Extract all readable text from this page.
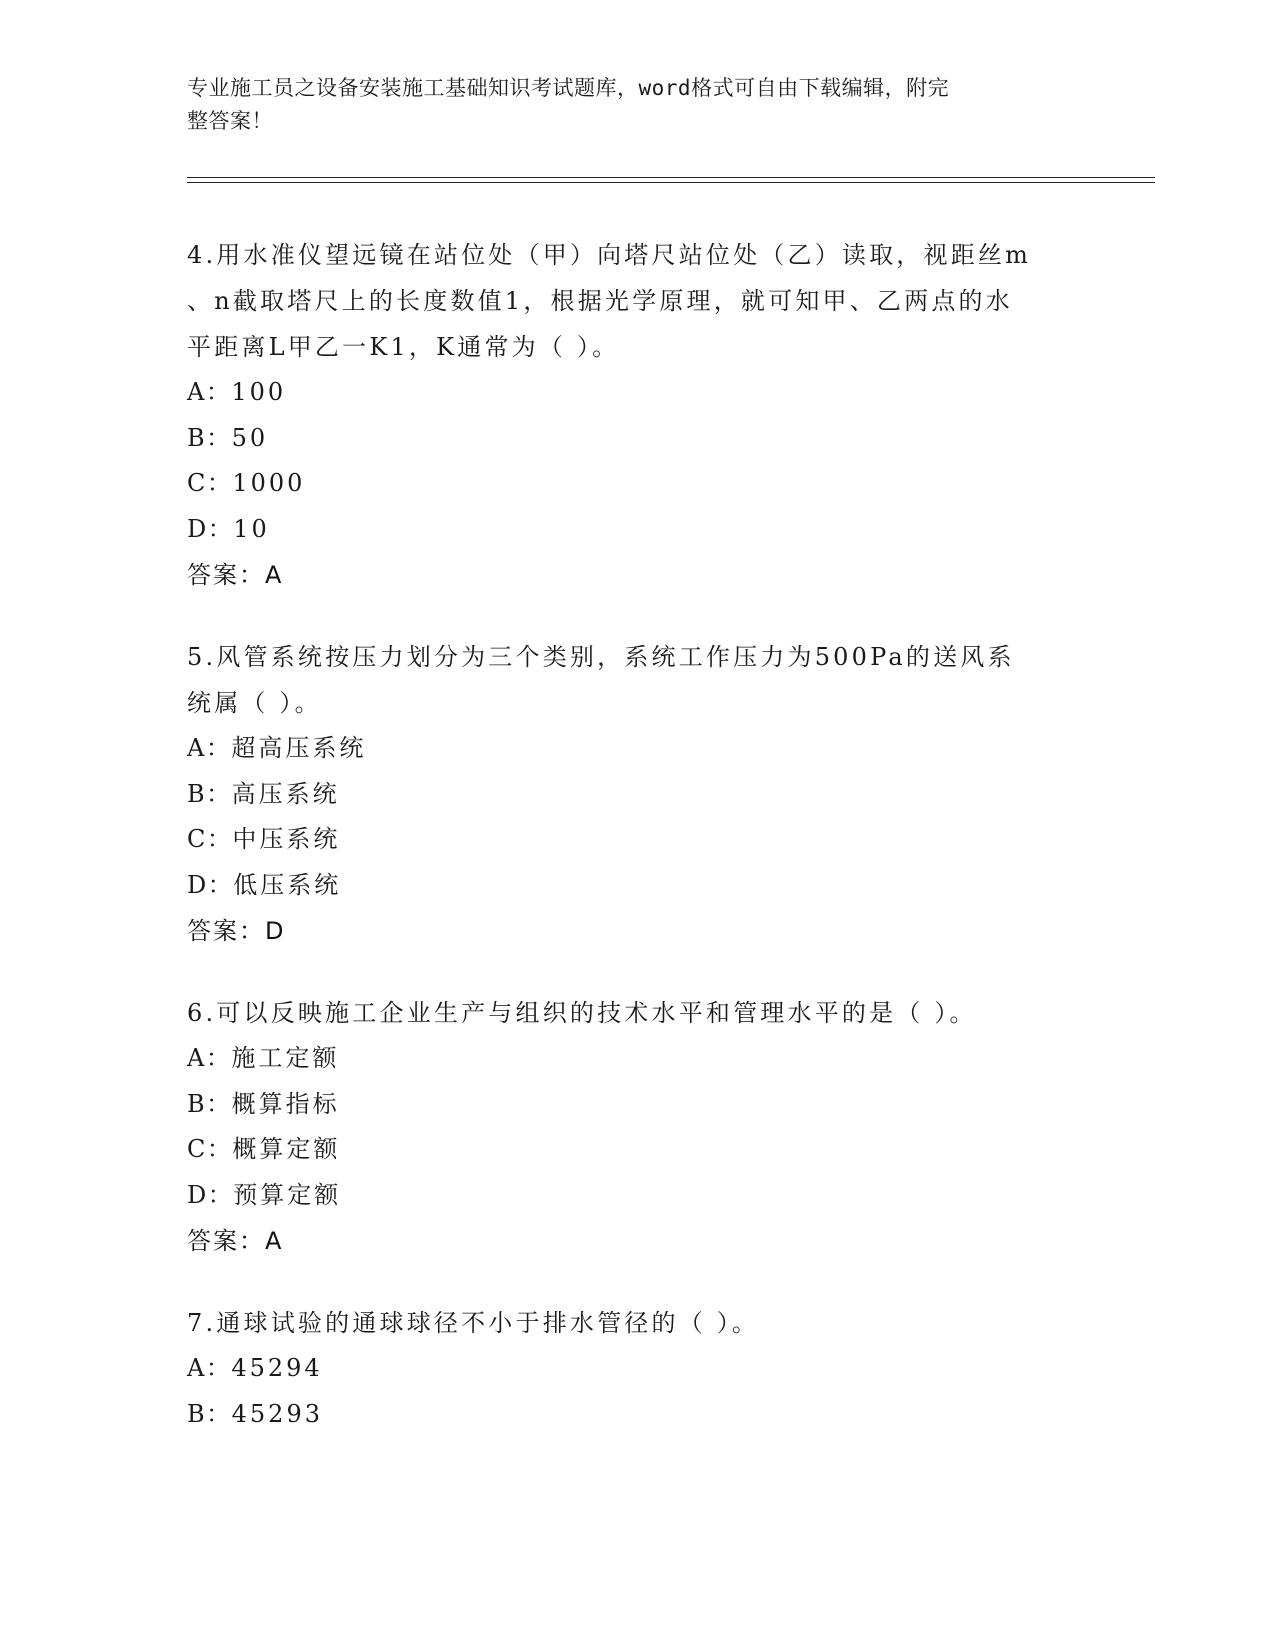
专业施工员之设备安装施工基础知识考试题库，word格式可自由下载编辑，附完
整答案！
4.用水准仪望远镜在站位处（甲）向塔尺站位处（乙）读取，视距丝m
、n截取塔尺上的长度数值1，根据光学原理，就可知甲、乙两点的水
平距离L甲乙一K1，K通常为（ ）。
A：100
B：50
C：1000
D：10
答案：A
5.风管系统按压力划分为三个类别，系统工作压力为500Pa的送风系
统属（ ）。
A：超高压系统
B：高压系统
C：中压系统
D：低压系统
答案：D
6.可以反映施工企业生产与组织的技术水平和管理水平的是（ ）。
A：施工定额
B：概算指标
C：概算定额
D：预算定额
答案：A
7.通球试验的通球球径不小于排水管径的（ ）。
A：45294
B：45293
